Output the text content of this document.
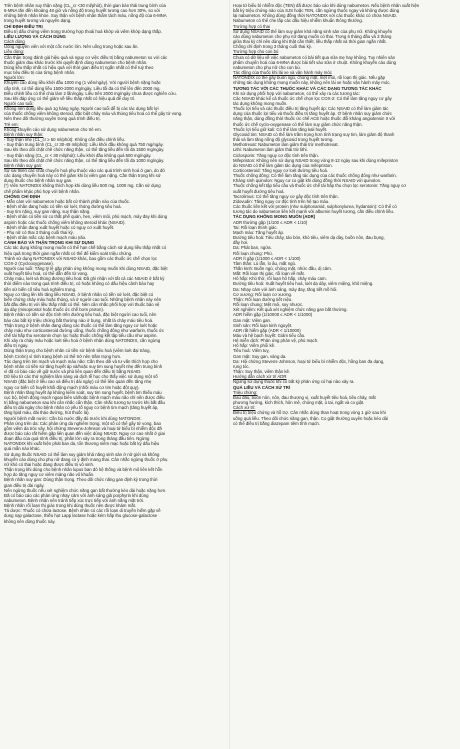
Trên bệnh nhân suy thận nặng (CL_cr <30 ml/phút), thời gian bán thải trung bình của

6-MNA tăn đến khoảng 48 giờ và nồng độ trong huyết tương cao hơn 30%, so với

những bệnh nhân khỏe. Suy thận với bệnh nhân thẩm tách máu, nồng độ của 6-MNA

trong huyết tương và nguyên dạng.

CHỈ ĐỊNH ĐIỀU TRỊ

Điều trị dấu chứng viêm trong trường hợp thoái hoá khớp và viêm khớp dạng thấp.

LIỀU LƯỢNG VÀ CÁCH DÙNG

Cách dùng

Uống nguyên viên với một cốc nước lớn. Nên uống trong hoặc sau ăn.

Liều dùng:

Cần thận trọng đánh giá hiệu quả và nguy cơ việc điều trị bằng nabumeton so với các

thuốc giảm đau khác trước khi quyết định dùng nabumeton cho bệnh nhân.

Dùng liều thấp nhất có hiệu quả với thời gian điều trị ngắn nhất có thể tuỳ theo

mục tiêu điều trị của từng bệnh nhân.

Người lớn:

Khuyến cáo dùng liều khởi đầu 1000 mg (1 viên/ngày). Với người bệnh nặng hoặc

cấp tính, có thể dùng liều 1500-2000 mg/ngày. Liều tối đa có thể lên đến 2000 mg.

Điều chỉnh liều có thể chia làm 2 lần/ngày. Liều trên 2000 mg/ngày chưa được nghiên cứu.

Sau khi đáp ứng có thể giảm về liều thấp nhất có hiệu quả để duy trì.

Người cao tuổi:

Không nên dùng liều quá 1g hàng ngày. Người cao tuổi dễ bị các tác dụng bất lợi

của thuốc chống viêm không steroid, đặc biệt chảy máu và thủng tiêu hoá có thể gây tử vong.

Nên theo dõi thường xuyên trong quá trình điều trị.

Trẻ em:

Không khuyến cáo sử dụng nabumeton cho trẻ em.

Bệnh nhân suy thận:

- Suy thận nhẹ (CL_cr ≥ 50 ml/phút): Không cần điều chỉnh liều.

- Suy thận trung bình (CL_cr 30-49 ml/phút): Liều khởi đầu không quá 750 mg/ngày.

Sau khi theo dõi chặt chẽ chức năng thận, có thể tăng liều đến tối đa 1500 mg/ngày.

- Suy thận nặng (CL_cr < 30 ml/phút): Liều khởi đầu không quá 500 mg/ngày.

Sau khi theo dõi chặt chẽ chức năng thận, có thể tăng liều đến tối đa 1000 mg/ngày.

Bệnh nhân suy gan:

Sự sai thiên các chất chuyển hoá phụ thuộc vào các quá trình sinh hoá ở gan, do đó

các dạng chuyển hoá này có thể giảm khi bị viêm gan nặng. Cần thận trọng khi sử

dụng thuốc cho bệnh nhân suy gan.

(*) Viên NATONDIX không thích hợp khi dùng liều 500 mg, 1000 mg. Cần sử dụng

chế phẩm khác phù hợp với bệnh nhân.

CHỐNG CHỈ ĐỊNH

- Mẫn cảm với nabumeton hoặc bất cứ thành phần nào của thuốc.

- Bệnh nhân đang hoặc có tiền sử loét, thủng đường tiêu hoá.

- Suy tim nặng, suy gan nặng, suy thận nặng.

- Bệnh nhân có tiền sử co thắt phế quản, hen, viêm mũi, phù mạch, mày đay khi dùng

aspirin hoặc các thuốc chống viêm không steroid khác (NSAID).

- Bệnh nhân đang xuất huyết hoặc có nguy cơ xuất huyết.

- Phụ nữ có thai 3 tháng cuối thai kỳ.

- Bệnh nhân mắc các bệnh mạch máu não.

CẢNH BÁO VÀ THẬN TRỌNG KHI SỬ DỤNG

Các tác dụng không mong muốn có thể hạn chế bằng cách sử dụng liều thấp nhất có

hiệu quả trong thời gian ngắn nhất có thể để kiểm soát triệu chứng.

Tránh sử dụng NATONDIX với NSAID khác, bao gồm các thuốc ức chế chọn lọc

COX-2 (Cyclooxygenase).

Người cao tuổi: Tăng tỷ lệ gặp phản ứng không mong muốn khi dùng NSAID, đặc biệt

xuất huyết tiêu hoá, có thể dẫn đến tử vong.

Chảy máu, loét và thủng đường tiêu hoá: Đã ghi nhận với tất cả các NSAID ở bất kỳ

thời điểm nào trong quá trình điều trị, có hoặc không có dấu hiệu cảnh báo hay

tiền sử biến cố tiêu hoá nghiêm trọng.

Nguy cơ tăng lên khi tăng liều NSAID, ở bệnh nhân có tiền sử loét, đặc biệt có

biến chứng chảy máu hoặc thủng, và ở người cao tuổi. Những bệnh nhân này nên

bắt đầu điều trị với liều thấp nhất có thể. Nên cân nhắc phối hợp với thuốc bảo vệ

dạ dày (misoprostol hoặc thuốc ức chế bơm proton).

Bệnh nhân có tiền sử độc tính trên đường tiêu hoá, đặc biệt người cao tuổi, nên

báo cáo bất kỳ triệu chứng bất thường nào ở bụng, nhất là chảy máu tiêu hoá.

Thận trọng ở bệnh nhân đang dùng các thuốc có thể làm tăng nguy cơ loét hoặc

chảy máu như corticosteroid đường uống, thuốc chống đông như warfarin, thuốc ức

chế tái hấp thu serotonin chọn lọc hoặc thuốc chống kết tập tiểu cầu như aspirin.

Khi xảy ra chảy máu hoặc loét tiêu hoá ở bệnh nhân dùng NATONDIX, cần ngừng

điều trị ngay.

Dùng thận trọng cho bệnh nhân có tiền sử bệnh tiêu hoá (viêm loét đại tràng,

bệnh Crohn) vì tình trạng bệnh có thể trở nên trầm trọng hơn.

Tác dụng trên tim mạch và mạch máu não: Cần theo dõi và tư vấn thích hợp cho

bệnh nhân có tiền sử tăng huyết áp và/hoặc suy tim sung huyết nhẹ đến trung bình

vì đã có báo cáo về giữ nước và phù liên quan đến điều trị bằng NSAID.

Dữ liệu từ các thử nghiệm lâm sàng và dịch tễ học cho thấy việc sử dụng một số

NSAID (đặc biệt ở liều cao và điều trị dài ngày) có thể liên quan đến tăng nhẹ

nguy cơ biến cố huyết khối động mạch (nhồi máu cơ tim hoặc đột quỵ).

Bệnh nhân tăng huyết áp không kiểm soát, suy tim sung huyết, bệnh tim thiếu máu

cục bộ, bệnh động mạch ngoại biên và/hoặc bệnh mạch máu não chỉ nên được điều

trị bằng nabumeton sau khi cân nhắc cẩn thận. Cân nhắc tương tự trước khi bắt đầu

điều trị dài ngày cho bệnh nhân có yếu tố nguy cơ bệnh tim mạch (tăng huyết áp,

tăng lipid máu, đái tháo đường, hút thuốc lá).

Người bệnh mất nước: Cần bù nước đầy đủ trước khi dùng NATONDIX.

Phản ứng trên da: Các phản ứng da nghiêm trọng, một số có thể gây tử vong, bao

gồm viêm da tróc vảy, hội chứng Stevens-Johnson và hoại tử biểu bì nhiễm độc đã

được báo cáo rất hiếm gặp liên quan đến việc dùng NSAID. Nguy cơ cao nhất ở giai

đoạn đầu của quá trình điều trị, phần lớn xảy ra trong tháng đầu tiên. Ngừng

NATONDIX khi xuất hiện phát ban da, tổn thương niêm mạc hoặc bất kỳ dấu hiệu

quá mẫn nào khác.

Sử dụng thuốc NSAID có thể làm suy giảm khả năng sinh sản ở nữ giới và không

khuyến cáo dùng cho phụ nữ đang có ý định mang thai. Cân nhắc ngừng thuốc ở phụ

nữ khó có thai hoặc đang được điều trị vô sinh.

Thận trọng khi dùng cho bệnh nhân lupus ban đỏ hệ thống và bệnh mô liên kết hỗn

hợp do tăng nguy cơ viêm màng não vô khuẩn.

Bệnh nhân suy gan: Dùng thận trọng. Theo dõi chức năng gan định kỳ trong thời

gian điều trị dài ngày.

Nên ngừng thuốc nếu xét nghiệm chức năng gan bất thường kéo dài hoặc nặng hơn.

Đã có báo cáo các phản ứng nhạy cảm với ánh sáng giả porphyrin khi dùng

nabumeton. Bệnh nhân nên tránh tiếp xúc trực tiếp với ánh nắng mặt trời.

Bệnh nhân rối loạn thị giác trong khi dùng thuốc nên được khám mắt.

Tá dược: Thuốc có chứa lactose. Bệnh nhân có các rối loạn di truyền hiếm gặp về

dung nạp galactose, thiếu hụt Lapp lactase hoặc kém hấp thu glucose-galactose

không nên dùng thuốc này.

Hoại tử biểu bì nhiễm độc (TEN) đã được báo cáo khi dùng nabumeton. Nếu bệnh nhân xuất hiện

bất kỳ triệu chứng nào của SJS hoặc TEN, cần ngừng thuốc ngay và không được dùng

lại nabumeton. Không dùng đồng thời NATONDIX với các thuốc khác có chứa NSAID.

Nabumeton có thể che lấp các dấu hiệu nhiễm khuẩn thông thường.

Trường hợp có thai

Sử dụng NSAID có thể làm suy giảm khả năng sinh sản của phụ nữ. Không khuyến

cáo dùng nabumeton cho phụ nữ đang muốn có thai. Trong 6 tháng đầu và 3 tháng

giữa thai kỳ chỉ nên dùng khi thật cần thiết, liều thấp nhất và thời gian ngắn nhất.

Chống chỉ định trong 3 tháng cuối thai kỳ.

Trường hợp cho con bú

Chưa có dữ liệu về việc nabumeton có bài tiết qua sữa mẹ hay không. Tuy nhiên sản

phẩm chuyển hoá của 6-MNA được bài tiết vào sữa ở chuột. Không khuyến cáo dùng

nabumeton cho phụ nữ cho con bú.

Tác động của thuốc khi lái xe và vận hành máy móc

NATONDIX có thể gây buồn ngủ, chóng mặt, mệt mỏi, rối loạn thị giác. Nếu gặp

những tác dụng không mong muốn này, không nên lái xe hoặc vận hành máy móc.

TƯƠNG TÁC VỚI CÁC THUỐC KHÁC VÀ CÁC DẠNG TƯƠNG TÁC KHÁC

Khi sử dụng phối hợp với nabumeton, có thể xảy ra các tương tác:

Các NSAID khác kể cả thuốc ức chế chọn lọc COX-2: Có thể làm tăng nguy cơ gây

tác dụng không mong muốn.

Thuốc lợi tiểu và các thuốc điều trị tăng huyết áp: Các NSAID có thể làm giảm tác

dụng của thuốc lợi tiểu và thuốc điều trị tăng huyết áp. Ở bệnh nhân suy giảm chức

năng thận, dùng đồng thời thuốc ức chế ACE hoặc thuốc đối kháng angiotensin II với

thuốc ức chế cyclo-oxygenase có thể làm suy giảm chức năng thận.

Thuốc lợi tiểu giữ kali: Có thể làm tăng kali huyết.

Glycosid tim: NSAID có thể làm trầm trọng hơn tình trạng suy tim, làm giảm độ thanh

thải và làm tăng nồng độ glycosid trong huyết tương.

Methotrexat: Nabumeton làm giảm thải trừ methotrexat.

Lithi: Nabumeton làm giảm thải trừ lithi.

Ciclosporin: Tăng nguy cơ độc tính trên thận.

Mifepriston: Không nên sử dụng NSAID trong vòng 8-12 ngày sau khi dùng mifepriston

do NSAID có thể làm giảm tác dụng của mifepriston.

Corticosteroid: Tăng nguy cơ loét đường tiêu hoá.

Thuốc chống đông: Có thể làm tăng tác dụng của các thuốc chống đông như warfarin.

Kháng sinh quinolon: Nguy cơ co giật khi dùng đồng thời NSAID với quinolon.

Thuốc chống kết tập tiểu cầu và thuốc ức chế tái hấp thu chọn lọc serotonin: Tăng nguy cơ

xuất huyết đường tiêu hoá.

Tacrolimus: Có thể tăng nguy cơ gây độc tính trên thận.

Zidovudin: Tăng nguy cơ độc tính trên hệ tạo máu.

Các thuốc liên kết với protein (như sulphonamid, sulphonylurea, hydantoin): Có thể có

tương tác do nabumeton liên kết mạnh với albumin huyết tương, cần điều chỉnh liều.

TÁC DỤNG KHÔNG MONG MUỐN (ADR)

ADR thường gặp (1/100 ≤ ADR < 1/10)

Tai: Rối loạn thính giác.

Mạch máu: Tăng huyết áp.

Đường tiêu hoá: Tiêu chảy, táo bón, khó tiêu, viêm dạ dày, buồn nôn, đau bụng,

đầy hơi.

Da: Phát ban, ngứa.

Rối loạn chung: Phù.

ADR ít gặp (1/1000 ≤ ADR < 1/100)

Tâm thần: Lú lẫn, lo âu, mất ngủ.

Thần kinh: Buồn ngủ, chóng mặt, nhức đầu, dị cảm.

Mắt: Rối loạn thị giác, rối loạn về mắt.

Hô hấp: Khó thở, rối loạn hô hấp, chảy máu cam.

Đường tiêu hoá: Xuất huyết tiêu hoá, loét dạ dày, viêm miệng, khô miệng.

Da: Nhạy cảm với ánh sáng, mày đay, tăng tiết mồ hôi.

Cơ xương: Rối loạn cơ xương.

Thận: Rối loạn đường tiết niệu.

Rối loạn chung: Mệt mỏi, suy nhược.

Xét nghiệm: Kết quả xét nghiệm chức năng gan bất thường.

ADR hiếm gặp (1/10000 ≤ ADR < 1/1000)

Gan mật: Viêm gan.

Sinh sản: Rối loạn kinh nguyệt.

ADR rất hiếm gặp (ADR < 1/10000)

Máu và hệ bạch huyết: Giảm tiểu cầu.

Hệ miễn dịch: Phản ứng phản vệ, phù mạch.

Hô hấp: Viêm phổi kẽ.

Tiêu hoá: Viêm tuỵ.

Gan mật: Suy gan, vàng da.

Da: Hội chứng Stevens-Johnson, hoại tử biểu bì nhiễm độc, hồng ban đa dạng,

rụng tóc.

Thận: Suy thận, viêm thận kẽ.

Hướng dẫn cách xử trí ADR

Ngừng sử dụng thuốc khi có bất kỳ phản ứng có hại nào xảy ra.

QUÁ LIỀU VÀ CÁCH XỬ TRÍ

Triệu chứng:

Đau đầu, buồn nôn, nôn, đau thượng vị, xuất huyết tiêu hoá, tiêu chảy, mất

phương hướng, kích thích, hôn mê, chóng mặt, ù tai, ngất và co giật.

Cách xử trí:

Điều trị triệu chứng và hỗ trợ. Cân nhắc dùng than hoạt trong vòng 1 giờ sau khi

uống quá liều. Theo dõi chức năng gan, thận. Co giật thường xuyên hoặc kéo dài

có thể điều trị bằng diazepam tiêm tĩnh mạch.
